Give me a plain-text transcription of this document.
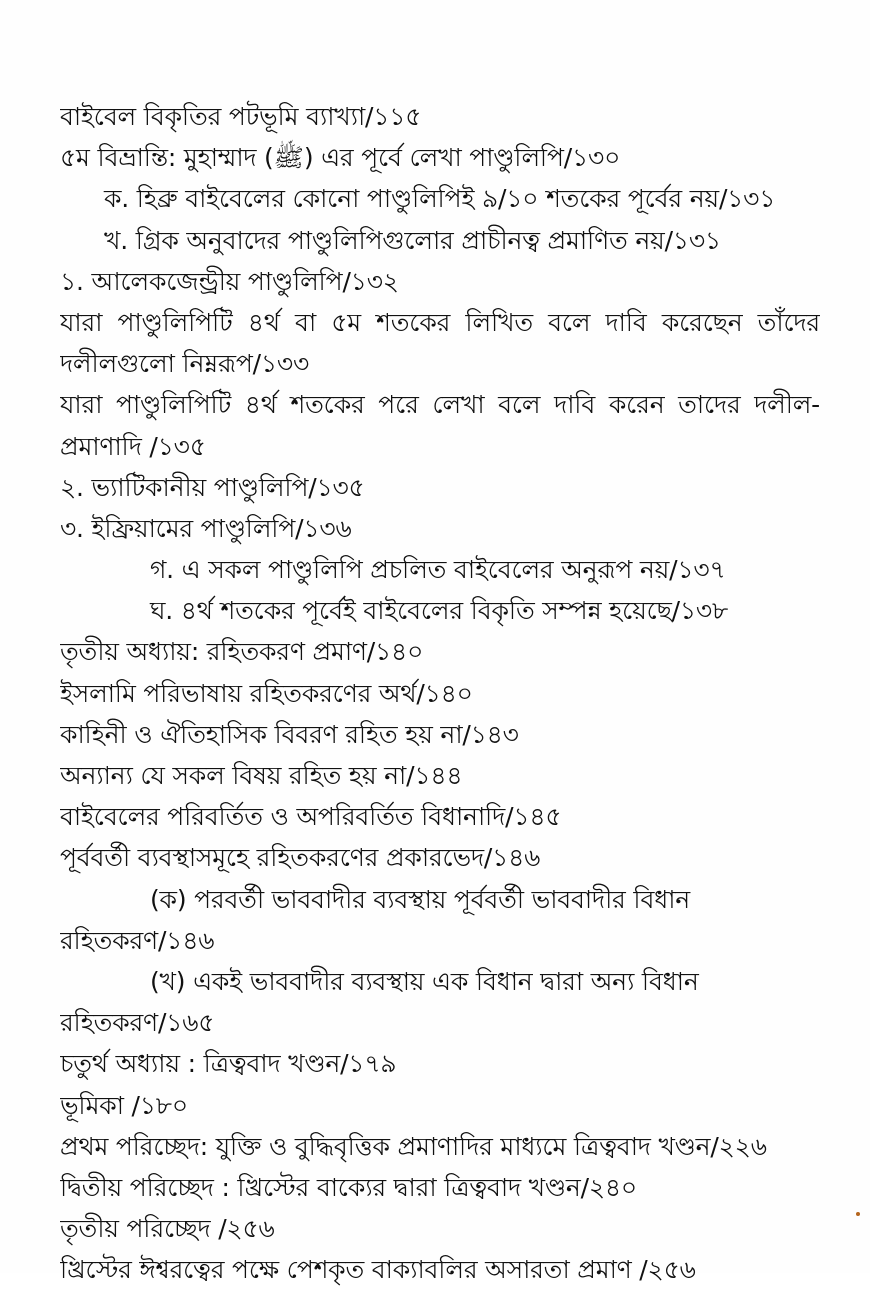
বাইবেল বিকৃতির পটভূমি ব্যাখ্যা/১১৫
৫ম বিভ্রান্তি: মুহাম্মাদ (ﷺ) এর পূর্বে লেখা পাণ্ডুলিপি/১৩০
ক. হিব্রু বাইবেলের কোনো পাণ্ডুলিপিই ৯/১০ শতকের পূর্বের নয়/১৩১
খ. গ্রিক অনুবাদের পাণ্ডুলিপিগুলোর প্রাচীনত্ব প্রমাণিত নয়/১৩১
১. আলেকজেন্ড্রীয় পাণ্ডুলিপি/১৩২
যারা পাণ্ডুলিপিটি ৪র্থ বা ৫ম শতকের লিখিত বলে দাবি করেছেন তাঁদের
দলীলগুলো নিম্নরূপ/১৩৩
যারা পাণ্ডুলিপিটি ৪র্থ শতকের পরে লেখা বলে দাবি করেন তাদের দলীল-
প্রমাণাদি /১৩৫
২. ভ্যাটিকানীয় পাণ্ডুলিপি/১৩৫
৩. ইফ্রিয়ামের পাণ্ডুলিপি/১৩৬
গ. এ সকল পাণ্ডুলিপি প্রচলিত বাইবেলের অনুরূপ নয়/১৩৭
ঘ. ৪র্থ শতকের পূর্বেই বাইবেলের বিকৃতি সম্পন্ন হয়েছে/১৩৮
তৃতীয় অধ্যায়: রহিতকরণ প্রমাণ/১৪০
ইসলামি পরিভাষায় রহিতকরণের অর্থ/১৪০
কাহিনী ও ঐতিহাসিক বিবরণ রহিত হয় না/১৪৩
অন্যান্য যে সকল বিষয় রহিত হয় না/১৪৪
বাইবেলের পরিবর্তিত ও অপরিবর্তিত বিধানাদি/১৪৫
পূর্ববর্তী ব্যবস্থাসমূহে রহিতকরণের প্রকারভেদ/১৪৬
(ক) পরবর্তী ভাববাদীর ব্যবস্থায় পূর্ববর্তী ভাববাদীর বিধান
রহিতকরণ/১৪৬
(খ) একই ভাববাদীর ব্যবস্থায় এক বিধান দ্বারা অন্য বিধান
রহিতকরণ/১৬৫
চতুর্থ অধ্যায় : ত্রিত্ববাদ খণ্ডন/১৭৯
ভূমিকা /১৮০
প্রথম পরিচ্ছেদ: যুক্তি ও বুদ্ধিবৃত্তিক প্রমাণাদির মাধ্যমে ত্রিত্ববাদ খণ্ডন/২২৬
দ্বিতীয় পরিচ্ছেদ : খ্রিস্টের বাক্যের দ্বারা ত্রিত্ববাদ খণ্ডন/২৪০
তৃতীয় পরিচ্ছেদ /২৫৬
খ্রিস্টের ঈশ্বরত্বের পক্ষে পেশকৃত বাক্যাবলির অসারতা প্রমাণ /২৫৬
